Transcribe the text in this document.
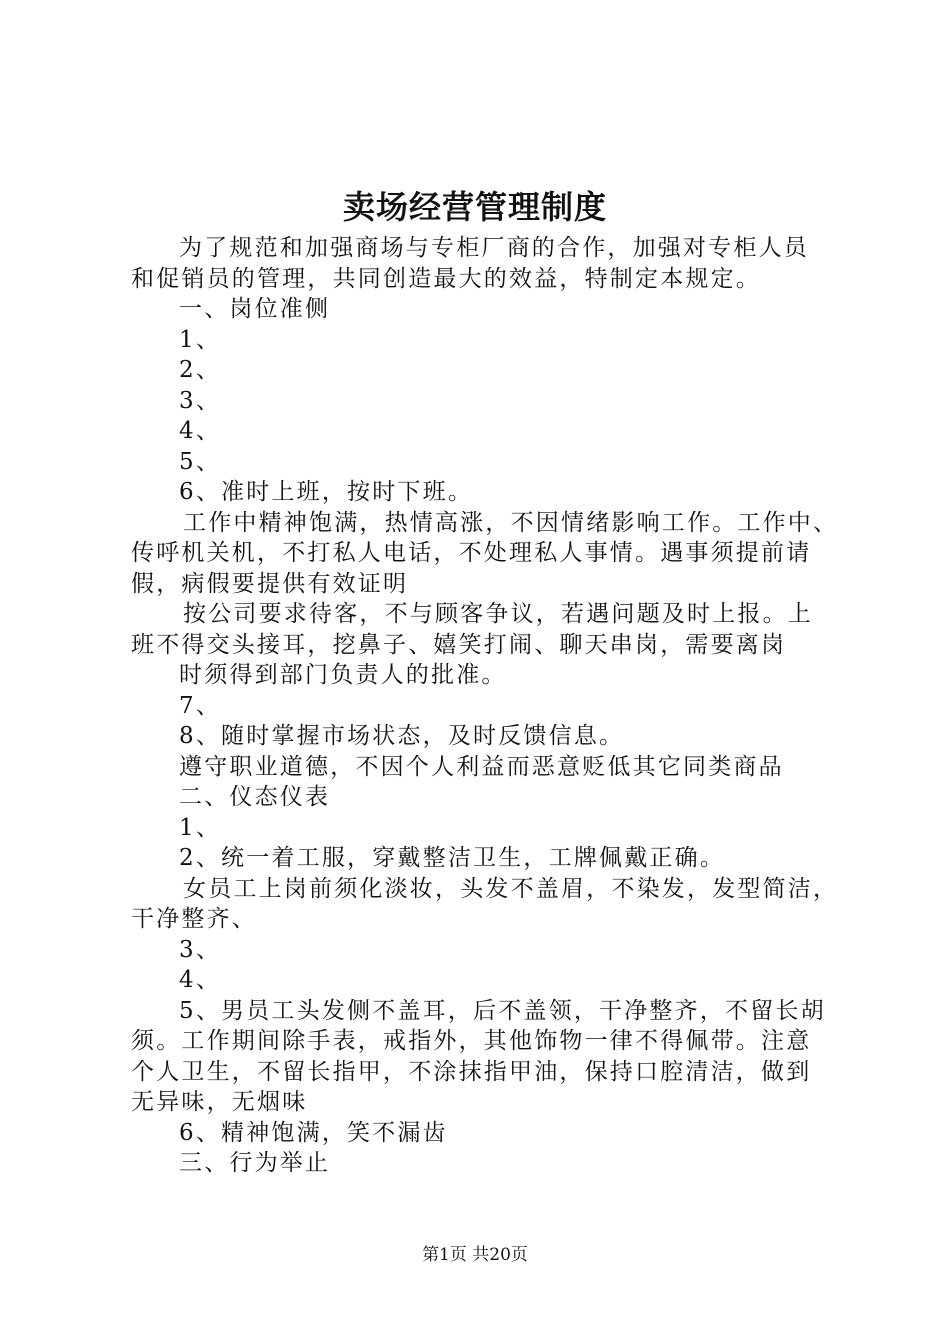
卖场经营管理制度

为了规范和加强商场与专柜厂商的合作，加强对专柜人员

和促销员的管理，共同创造最大的效益，特制定本规定。

一、岗位准侧

1、

2、

3、

4、

5、

6、准时上班，按时下班。

工作中精神饱满，热情高涨，不因情绪影响工作。工作中、

传呼机关机，不打私人电话，不处理私人事情。遇事须提前请

假，病假要提供有效证明

按公司要求待客，不与顾客争议，若遇问题及时上报。上

班不得交头接耳，挖鼻子、嬉笑打闹、聊天串岗，需要离岗

时须得到部门负责人的批准。

7、

8、随时掌握市场状态，及时反馈信息。

遵守职业道德，不因个人利益而恶意贬低其它同类商品

二、仪态仪表

1、

2、统一着工服，穿戴整洁卫生，工牌佩戴正确。

女员工上岗前须化淡妆，头发不盖眉，不染发，发型简洁，

干净整齐、

3、

4、

5、男员工头发侧不盖耳，后不盖领，干净整齐，不留长胡

须。工作期间除手表，戒指外，其他饰物一律不得佩带。注意

个人卫生，不留长指甲，不涂抹指甲油，保持口腔清洁，做到

无异味，无烟味

6、精神饱满，笑不漏齿

三、行为举止

第1页 共20页
